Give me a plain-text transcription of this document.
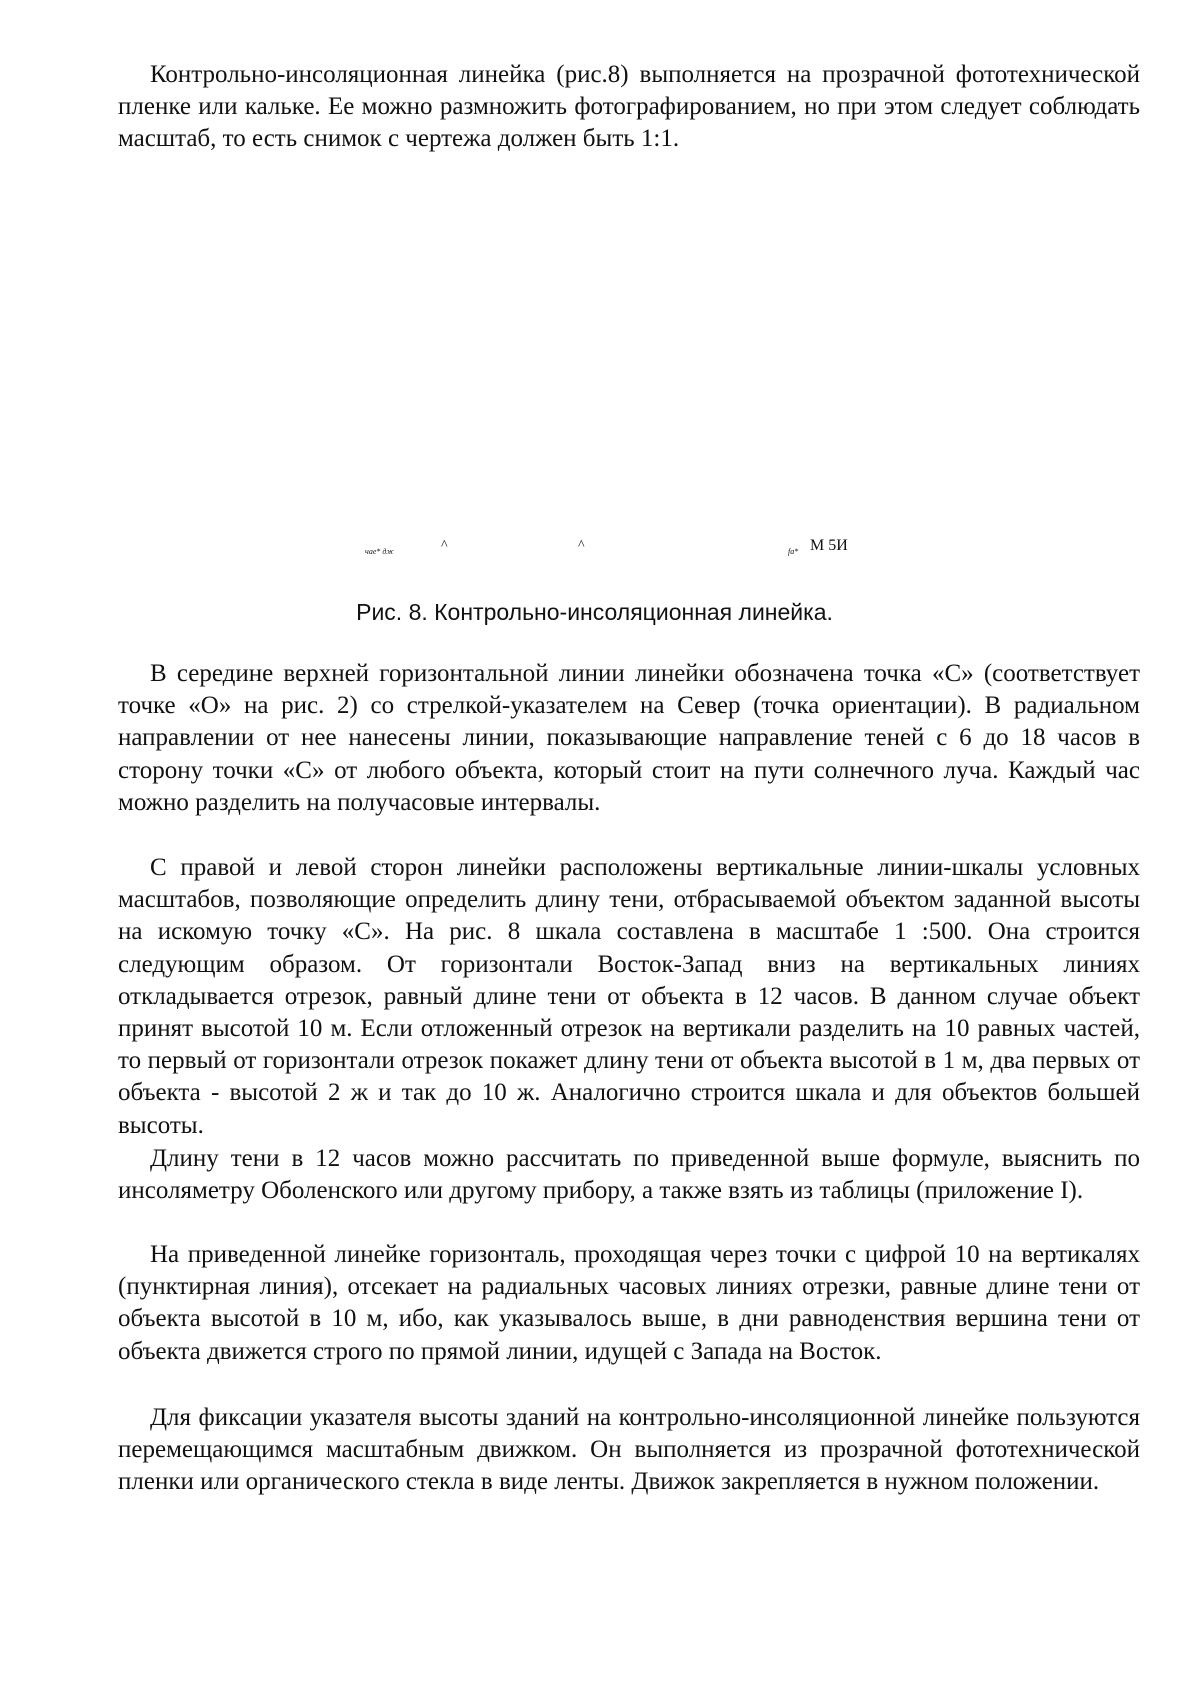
Контрольно-инсоляционная линейка (рис.8) выполняется на прозрачной фототехнической пленке или кальке. Ее можно размножить фотографированием, но при этом следует соблюдать масштаб, то есть снимок с чертежа должен быть 1:1.

чае* дж	^	^	fa* М 5И

Рис. 8. Контрольно-инсоляционная линейка.

В середине верхней горизонтальной линии линейки обозначена точка «С» (соответствует точке «О» на рис. 2) со стрелкой-указателем на Север (точка ориентации). В радиальном направлении от нее нанесены линии, показывающие направление теней с 6 до 18 часов в сторону точки «С» от любого объекта, который стоит на пути солнечного луча. Каждый час можно разделить на получасовые интервалы.

С правой и левой сторон линейки расположены вертикальные линии-шкалы условных масштабов, позволяющие определить длину тени, отбрасываемой объектом заданной высоты на искомую точку «С». На рис. 8 шкала составлена в масштабе 1 :500. Она строится следующим образом. От горизонтали Восток-Запад вниз на вертикальных линиях откладывается отрезок, равный длине тени от объекта в 12 часов. В данном случае объект принят высотой 10 м. Если отложенный отрезок на вертикали разделить на 10 равных частей, то первый от горизонтали отрезок покажет длину тени от объекта высотой в 1 м, два первых от объекта - высотой 2 ж и так до 10 ж. Аналогично строится шкала и для объектов большей высоты.

Длину тени в 12 часов можно рассчитать по приведенной выше формуле, выяснить по инсоляметру Оболенского или другому прибору, а также взять из таблицы (приложение I).

На приведенной линейке горизонталь, проходящая через точки с цифрой 10 на вертикалях (пунктирная линия), отсекает на радиальных часовых линиях отрезки, равные длине тени от объекта высотой в 10 м, ибо, как указывалось выше, в дни равноденствия вершина тени от объекта движется строго по прямой линии, идущей с Запада на Восток.

Для фиксации указателя высоты зданий на контрольно-инсоляционной линейке пользуются перемещающимся масштабным движком. Он выполняется из прозрачной фототехнической пленки или органического стекла в виде ленты. Движок закрепляется в нужном положении.
